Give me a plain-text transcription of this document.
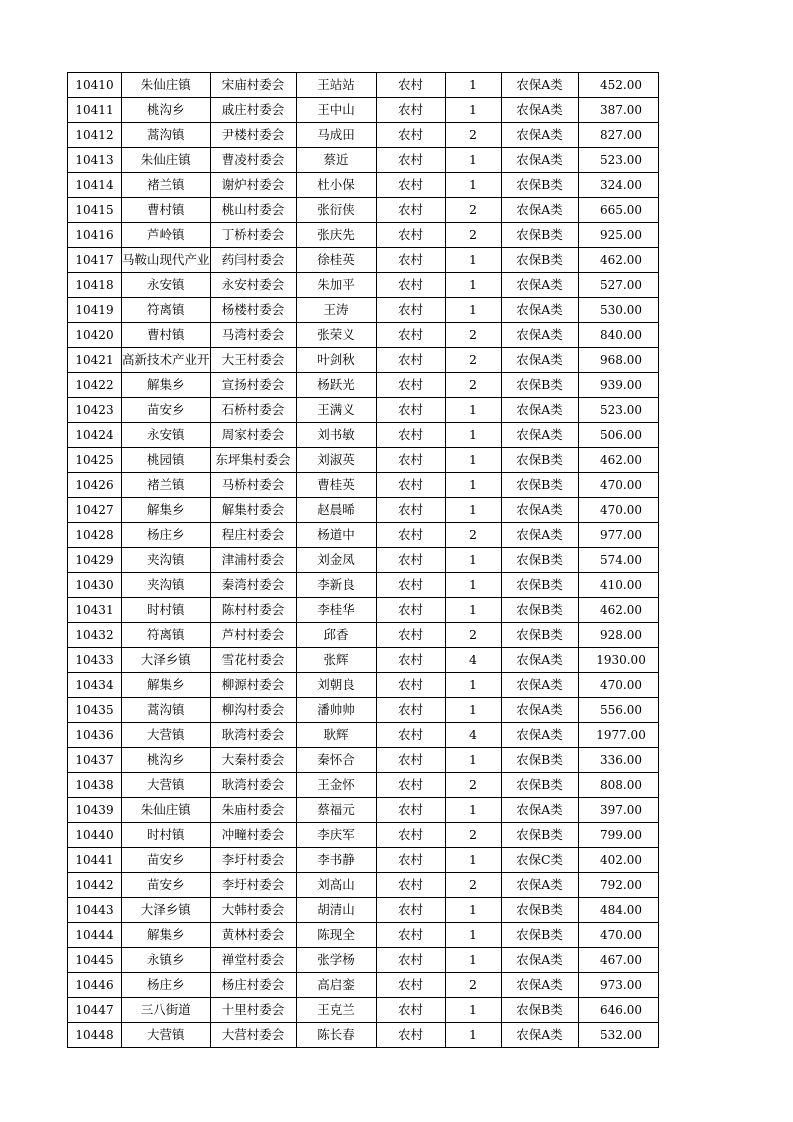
10410	朱仙庄镇	宋庙村委会	王站站	农村	1	农保A类	452.00
10411	桃沟乡	戚庄村委会	王中山	农村	1	农保A类	387.00
10412	蒿沟镇	尹楼村委会	马成田	农村	2	农保A类	827.00
10413	朱仙庄镇	曹凌村委会	蔡近	农村	1	农保A类	523.00
10414	褚兰镇	谢炉村委会	杜小保	农村	1	农保B类	324.00
10415	曹村镇	桃山村委会	张衍侠	农村	2	农保A类	665.00
10416	芦岭镇	丁桥村委会	张庆先	农村	2	农保B类	925.00
10417	马鞍山现代产业	药闫村委会	徐桂英	农村	1	农保B类	462.00
10418	永安镇	永安村委会	朱加平	农村	1	农保A类	527.00
10419	符离镇	杨楼村委会	王涛	农村	1	农保A类	530.00
10420	曹村镇	马湾村委会	张荣义	农村	2	农保A类	840.00
10421	高新技术产业开	大王村委会	叶剑秋	农村	2	农保A类	968.00
10422	解集乡	宣扬村委会	杨跃光	农村	2	农保B类	939.00
10423	苗安乡	石桥村委会	王满义	农村	1	农保A类	523.00
10424	永安镇	周家村委会	刘书敏	农村	1	农保A类	506.00
10425	桃园镇	东坪集村委会	刘淑英	农村	1	农保B类	462.00
10426	褚兰镇	马桥村委会	曹桂英	农村	1	农保B类	470.00
10427	解集乡	解集村委会	赵晨晞	农村	1	农保A类	470.00
10428	杨庄乡	程庄村委会	杨道中	农村	2	农保A类	977.00
10429	夹沟镇	津浦村委会	刘金凤	农村	1	农保B类	574.00
10430	夹沟镇	秦湾村委会	李新良	农村	1	农保B类	410.00
10431	时村镇	陈村村委会	李桂华	农村	1	农保B类	462.00
10432	符离镇	芦村村委会	邱香	农村	2	农保B类	928.00
10433	大泽乡镇	雪花村委会	张辉	农村	4	农保A类	1930.00
10434	解集乡	柳源村委会	刘朝良	农村	1	农保A类	470.00
10435	蒿沟镇	柳沟村委会	潘帅帅	农村	1	农保A类	556.00
10436	大营镇	耿湾村委会	耿辉	农村	4	农保A类	1977.00
10437	桃沟乡	大秦村委会	秦怀合	农村	1	农保B类	336.00
10438	大营镇	耿湾村委会	王金怀	农村	2	农保B类	808.00
10439	朱仙庄镇	朱庙村委会	蔡福元	农村	1	农保A类	397.00
10440	时村镇	冲疃村委会	李庆军	农村	2	农保B类	799.00
10441	苗安乡	李圩村委会	李书静	农村	1	农保C类	402.00
10442	苗安乡	李圩村委会	刘高山	农村	2	农保A类	792.00
10443	大泽乡镇	大韩村委会	胡清山	农村	1	农保B类	484.00
10444	解集乡	黄林村委会	陈现全	农村	1	农保B类	470.00
10445	永镇乡	禅堂村委会	张学杨	农村	1	农保A类	467.00
10446	杨庄乡	杨庄村委会	高启銮	农村	2	农保A类	973.00
10447	三八街道	十里村委会	王克兰	农村	1	农保B类	646.00
10448	大营镇	大营村委会	陈长春	农村	1	农保A类	532.00
